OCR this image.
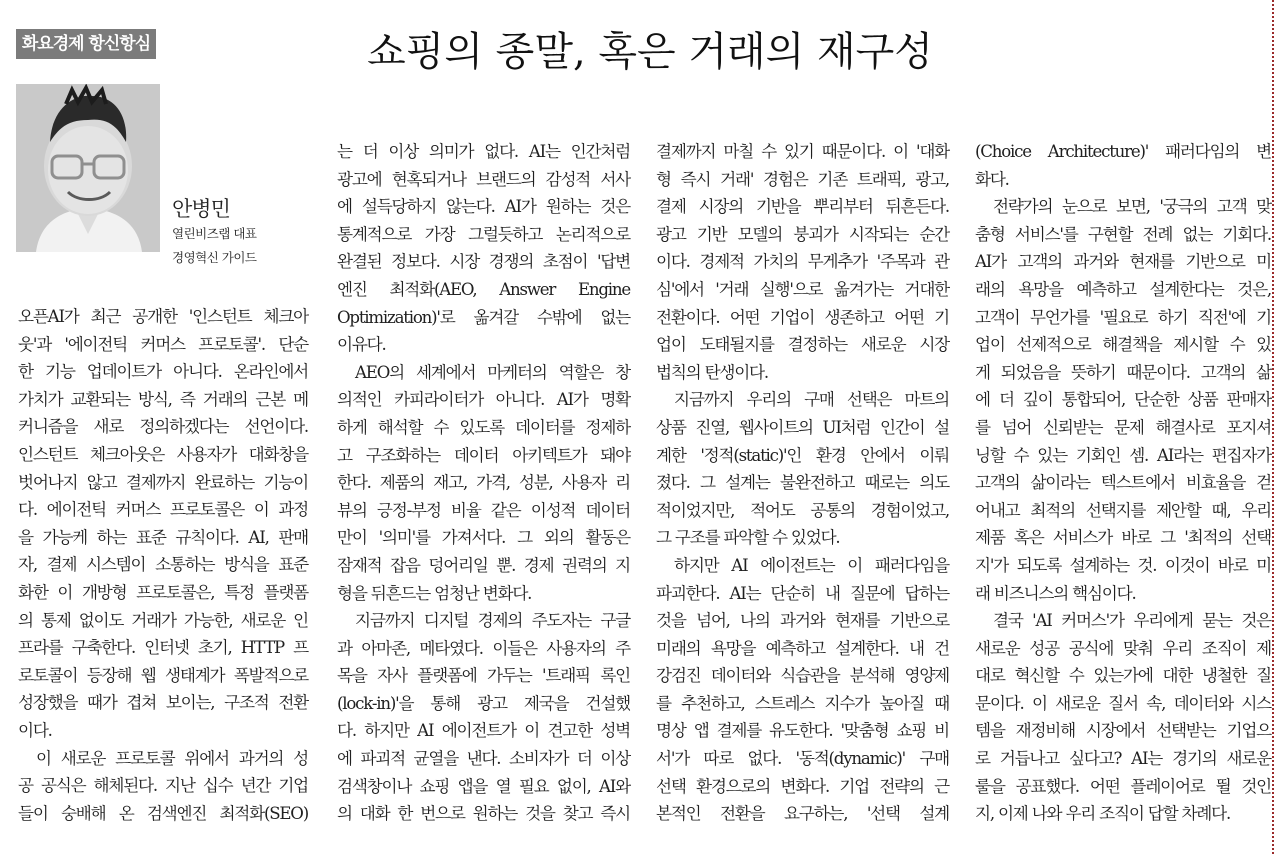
화요경제 항신항심	쇼핑의 종말, 혹은 거래의 재구성
안병민
열린비즈랩 대표
경영혁신 가이드
오픈AI가 최근 공개한 '인스턴트 체크아
웃'과 '에이전틱 커머스 프로토콜'. 단순
한 기능 업데이트가 아니다. 온라인에서
가치가 교환되는 방식, 즉 거래의 근본 메
커니즘을 새로 정의하겠다는 선언이다.
인스턴트 체크아웃은 사용자가 대화창을
벗어나지 않고 결제까지 완료하는 기능이
다. 에이전틱 커머스 프로토콜은 이 과정
을 가능케 하는 표준 규칙이다. AI, 판매
자, 결제 시스템이 소통하는 방식을 표준
화한 이 개방형 프로토콜은, 특정 플랫폼
의 통제 없이도 거래가 가능한, 새로운 인
프라를 구축한다. 인터넷 초기, HTTP 프
로토콜이 등장해 웹 생태계가 폭발적으로
성장했을 때가 겹쳐 보이는, 구조적 전환
이다.
이 새로운 프로토콜 위에서 과거의 성
공 공식은 해체된다. 지난 십수 년간 기업
들이 숭배해 온 검색엔진 최적화(SEO)
는 더 이상 의미가 없다. AI는 인간처럼
광고에 현혹되거나 브랜드의 감성적 서사
에 설득당하지 않는다. AI가 원하는 것은
통계적으로 가장 그럴듯하고 논리적으로
완결된 정보다. 시장 경쟁의 초점이 '답변
엔진 최적화(AEO, Answer Engine
Optimization)'로 옮겨갈 수밖에 없는
이유다.
AEO의 세계에서 마케터의 역할은 창
의적인 카피라이터가 아니다. AI가 명확
하게 해석할 수 있도록 데이터를 정제하
고 구조화하는 데이터 아키텍트가 돼야
한다. 제품의 재고, 가격, 성분, 사용자 리
뷰의 긍정-부정 비율 같은 이성적 데이터
만이 '의미'를 가져서다. 그 외의 활동은
잠재적 잡음 덩어리일 뿐. 경제 권력의 지
형을 뒤흔드는 엄청난 변화다.
지금까지 디지털 경제의 주도자는 구글
과 아마존, 메타였다. 이들은 사용자의 주
목을 자사 플랫폼에 가두는 '트래픽 록인
(lock-in)'을 통해 광고 제국을 건설했
다. 하지만 AI 에이전트가 이 견고한 성벽
에 파괴적 균열을 낸다. 소비자가 더 이상
검색창이나 쇼핑 앱을 열 필요 없이, AI와
의 대화 한 번으로 원하는 것을 찾고 즉시
결제까지 마칠 수 있기 때문이다. 이 '대화
형 즉시 거래' 경험은 기존 트래픽, 광고,
결제 시장의 기반을 뿌리부터 뒤흔든다.
광고 기반 모델의 붕괴가 시작되는 순간
이다. 경제적 가치의 무게추가 '주목과 관
심'에서 '거래 실행'으로 옮겨가는 거대한
전환이다. 어떤 기업이 생존하고 어떤 기
업이 도태될지를 결정하는 새로운 시장
법칙의 탄생이다.
지금까지 우리의 구매 선택은 마트의
상품 진열, 웹사이트의 UI처럼 인간이 설
계한 '정적(static)'인 환경 안에서 이뤄
졌다. 그 설계는 불완전하고 때로는 의도
적이었지만, 적어도 공통의 경험이었고,
그 구조를 파악할 수 있었다.
하지만 AI 에이전트는 이 패러다임을
파괴한다. AI는 단순히 내 질문에 답하는
것을 넘어, 나의 과거와 현재를 기반으로
미래의 욕망을 예측하고 설계한다. 내 건
강검진 데이터와 식습관을 분석해 영양제
를 추천하고, 스트레스 지수가 높아질 때
명상 앱 결제를 유도한다. '맞춤형 쇼핑 비
서'가 따로 없다. '동적(dynamic)' 구매
선택 환경으로의 변화다. 기업 전략의 근
본적인 전환을 요구하는, '선택 설계
(Choice Architecture)' 패러다임의 변
화다.
전략가의 눈으로 보면, '궁극의 고객 맞
춤형 서비스'를 구현할 전례 없는 기회다.
AI가 고객의 과거와 현재를 기반으로 미
래의 욕망을 예측하고 설계한다는 것은,
고객이 무언가를 '필요로 하기 직전'에 기
업이 선제적으로 해결책을 제시할 수 있
게 되었음을 뜻하기 때문이다. 고객의 삶
에 더 깊이 통합되어, 단순한 상품 판매자
를 넘어 신뢰받는 문제 해결사로 포지셔
닝할 수 있는 기회인 셈. AI라는 편집자가
고객의 삶이라는 텍스트에서 비효율을 걷
어내고 최적의 선택지를 제안할 때, 우리
제품 혹은 서비스가 바로 그 '최적의 선택
지'가 되도록 설계하는 것. 이것이 바로 미
래 비즈니스의 핵심이다.
결국 'AI 커머스'가 우리에게 묻는 것은
새로운 성공 공식에 맞춰 우리 조직이 제
대로 혁신할 수 있는가에 대한 냉철한 질
문이다. 이 새로운 질서 속, 데이터와 시스
템을 재정비해 시장에서 선택받는 기업으
로 거듭나고 싶다고? AI는 경기의 새로운
룰을 공표했다. 어떤 플레이어로 뛸 것인
지, 이제 나와 우리 조직이 답할 차례다.
